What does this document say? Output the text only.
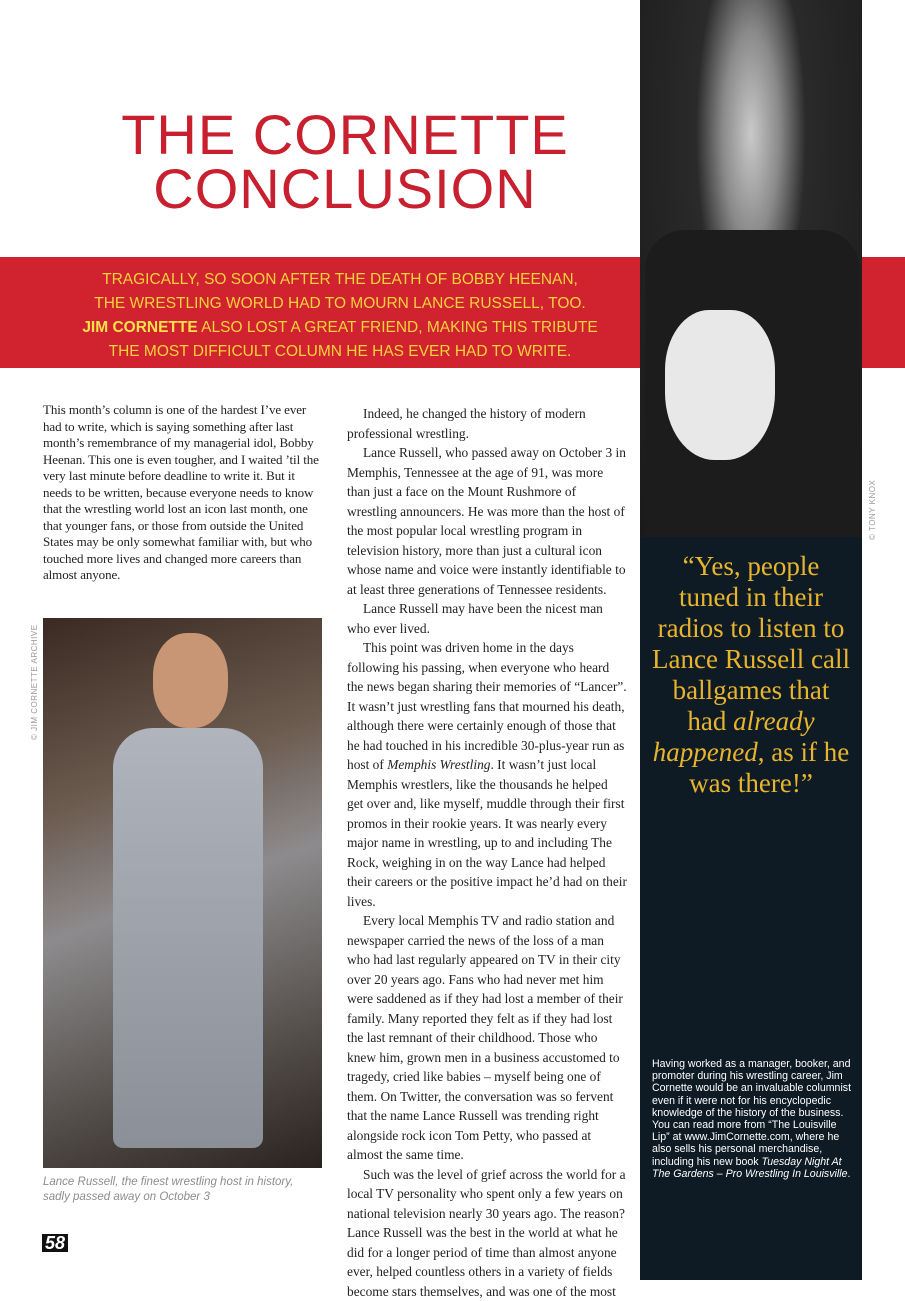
THE CORNETTE
CONCLUSION
TRAGICALLY, SO SOON AFTER THE DEATH OF BOBBY HEENAN,
THE WRESTLING WORLD HAD TO MOURN LANCE RUSSELL, TOO.
JIM CORNETTE ALSO LOST A GREAT FRIEND, MAKING THIS TRIBUTE
THE MOST DIFFICULT COLUMN HE HAS EVER HAD TO WRITE.
© TONY KNOX
“Yes, people tuned in their radios to listen to Lance Russell call ballgames that had already happened, as if he was there!”
Having worked as a manager, booker, and promoter during his wrestling career, Jim Cornette would be an invaluable columnist even if it were not for his encyclopedic knowledge of the history of the business. You can read more from “The Louisville Lip” at www.JimCornette.com, where he also sells his personal merchandise, including his new book Tuesday Night At The Gardens – Pro Wrestling In Louisville.

This month’s column is one of the hardest I’ve ever had to write, which is saying something after last month’s remembrance of my managerial idol, Bobby Heenan. This one is even tougher, and I waited ’til the very last minute before deadline to write it. But it needs to be written, because everyone needs to know that the wrestling world lost an icon last month, one that younger fans, or those from outside the United States may be only somewhat familiar with, but who touched more lives and changed more careers than almost anyone.

© JIM CORNETTE ARCHIVE
Lance Russell, the finest wrestling host in history, sadly passed away on October 3

Indeed, he changed the history of modern professional wrestling.

Lance Russell, who passed away on October 3 in Memphis, Tennessee at the age of 91, was more than just a face on the Mount Rushmore of wrestling announcers. He was more than the host of the most popular local wrestling program in television history, more than just a cultural icon whose name and voice were instantly identifiable to at least three generations of Tennessee residents.

Lance Russell may have been the nicest man who ever lived.

This point was driven home in the days following his passing, when everyone who heard the news began sharing their memories of “Lancer”. It wasn’t just wrestling fans that mourned his death, although there were certainly enough of those that he had touched in his incredible 30-plus-year run as host of Memphis Wrestling. It wasn’t just local Memphis wrestlers, like the thousands he helped get over and, like myself, muddle through their first promos in their rookie years. It was nearly every major name in wrestling, up to and including The Rock, weighing in on the way Lance had helped their careers or the positive impact he’d had on their lives.

Every local Memphis TV and radio station and newspaper carried the news of the loss of a man who had last regularly appeared on TV in their city over 20 years ago. Fans who had never met him were saddened as if they had lost a member of their family. Many reported they felt as if they had lost the last remnant of their childhood. Those who knew him, grown men in a business accustomed to tragedy, cried like babies – myself being one of them. On Twitter, the conversation was so fervent that the name Lance Russell was trending right alongside rock icon Tom Petty, who passed at almost the same time.

Such was the level of grief across the world for a local TV personality who spent only a few years on national television nearly 30 years ago. The reason? Lance Russell was the best in the world at what he did for a longer period of time than almost anyone ever, helped countless others in a variety of fields become stars themselves, and was one of the most

58
